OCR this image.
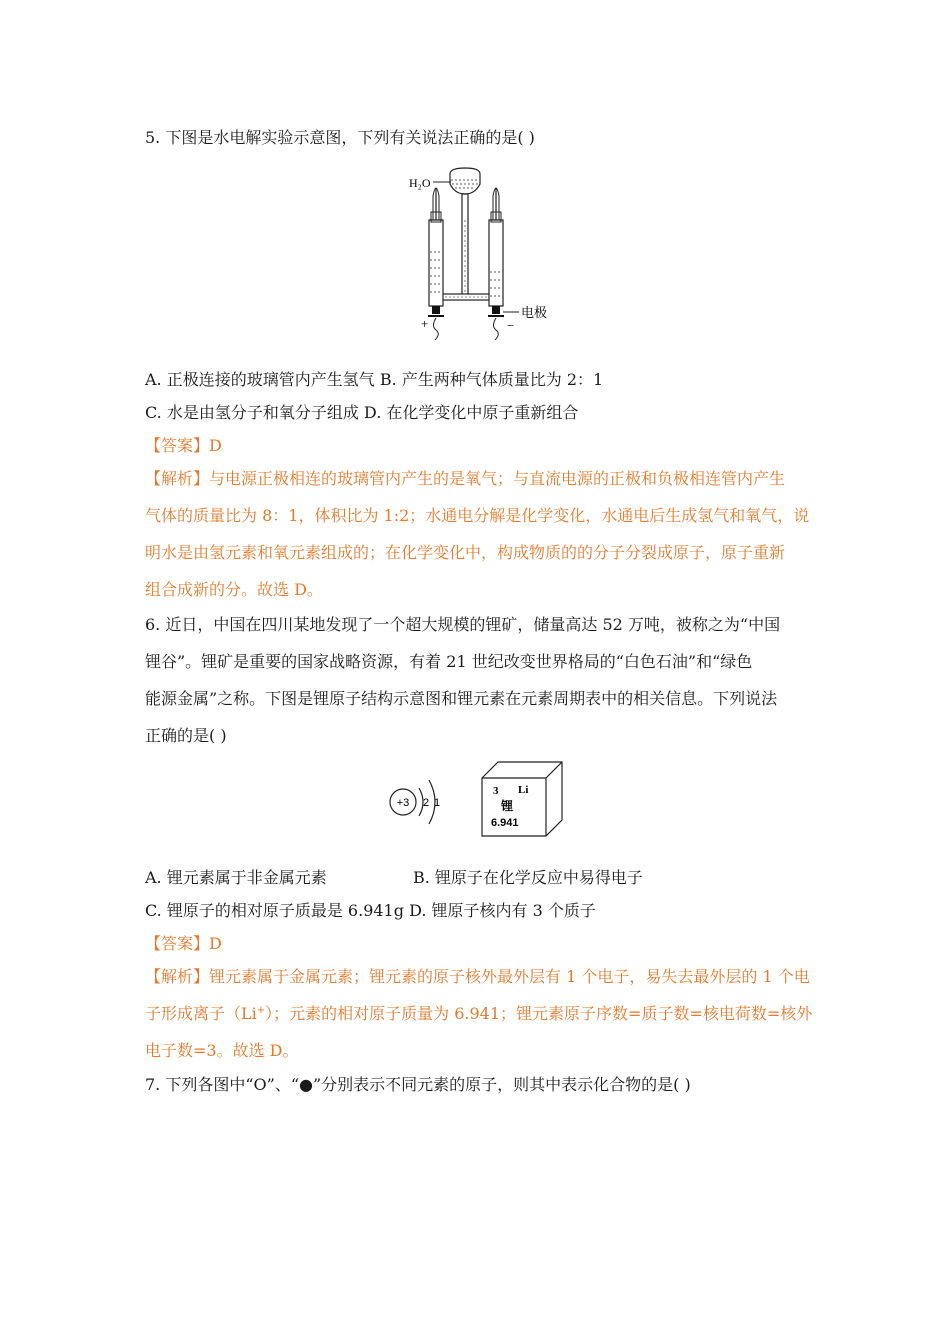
5. 下图是水电解实验示意图，下列有关说法正确的是( )
H₂O
+	−
电极
A. 正极连接的玻璃管内产生氢气 B. 产生两种气体质量比为 2：1
C. 水是由氢分子和氧分子组成 D. 在化学变化中原子重新组合
【答案】D
【解析】与电源正极相连的玻璃管内产生的是氧气；与直流电源的正极和负极相连管内产生
气体的质量比为 8：1，体积比为 1:2；水通电分解是化学变化，水通电后生成氢气和氧气，说
明水是由氢元素和氧元素组成的；在化学变化中，构成物质的的分子分裂成原子，原子重新
组合成新的分。故选 D。
6. 近日，中国在四川某地发现了一个超大规模的锂矿，储量高达 52 万吨，被称之为“中国
锂谷”。锂矿是重要的国家战略资源，有着 21 世纪改变世界格局的“白色石油”和“绿色
能源金属”之称。下图是锂原子结构示意图和锂元素在元素周期表中的相关信息。下列说法
正确的是( )
+3 2 1
3 Li
锂
6.941
A. 锂元素属于非金属元素	B. 锂原子在化学反应中易得电子
C. 锂原子的相对原子质最是 6.941g D. 锂原子核内有 3 个质子
【答案】D
【解析】锂元素属于金属元素；锂元素的原子核外最外层有 1 个电子，易失去最外层的 1 个电
子形成离子（Li+）；元素的相对原子质量为 6.941；锂元素原子序数=质子数=核电荷数=核外
电子数=3。故选 D。
7. 下列各图中“O”、“●”分别表示不同元素的原子，则其中表示化合物的是( )
